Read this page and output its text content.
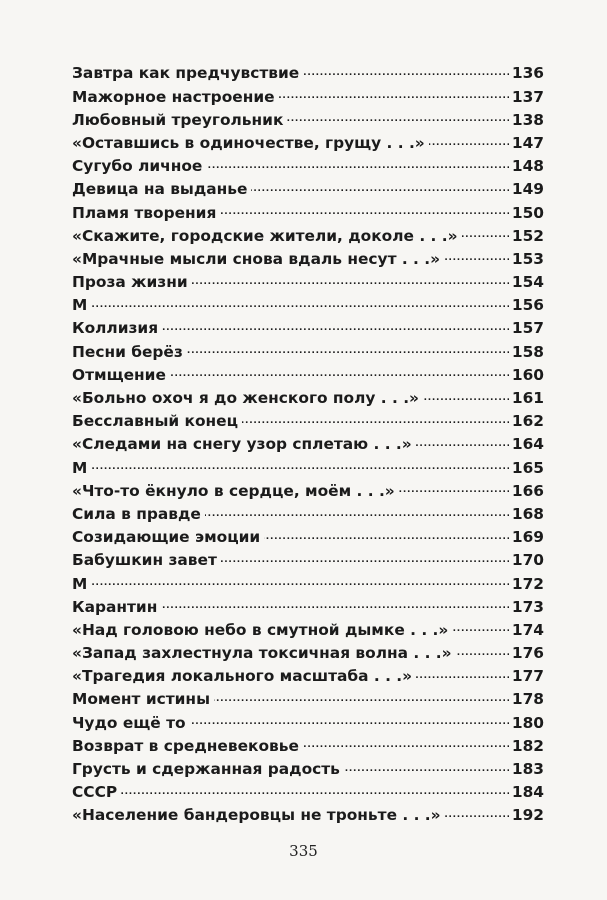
Завтра как предчувствие . . .	136
Мажорное настроение . . .	137
Любовный треугольник . . .	138
«Оставшись в одиночестве, грущу . . .» . . .	147
Сугубо личное . . .	148
Девица на выданье . . .	149
Пламя творения . . .	150
«Скажите, городские жители, доколе . . .» . . .	152
«Мрачные мысли снова вдаль несут . . .» . . .	153
Проза жизни . . .	154
М . . .	156
Коллизия . . .	157
Песни берёз . . .	158
Отмщение . . .	160
«Больно охоч я до женского полу . . .» . . .	161
Бесславный конец . . .	162
«Следами на снегу узор сплетаю . . .» . . .	164
М . . .	165
«Что-то ёкнуло в сердце, моём . . .» . . .	166
Сила в правде . . .	168
Созидающие эмоции . . .	169
Бабушкин завет . . .	170
М . . .	172
Карантин . . .	173
«Над головою небо в смутной дымке . . .» . . .	174
«Запад захлестнула токсичная волна . . .» . . .	176
«Трагедия локального масштаба . . .» . . .	177
Момент истины . . .	178
Чудо ещё то . . .	180
Возврат в средневековье . . .	182
Грусть и сдержанная радость . . .	183
СССР . . .	184
«Население бандеровцы не троньте . . .» . . .	192
335
